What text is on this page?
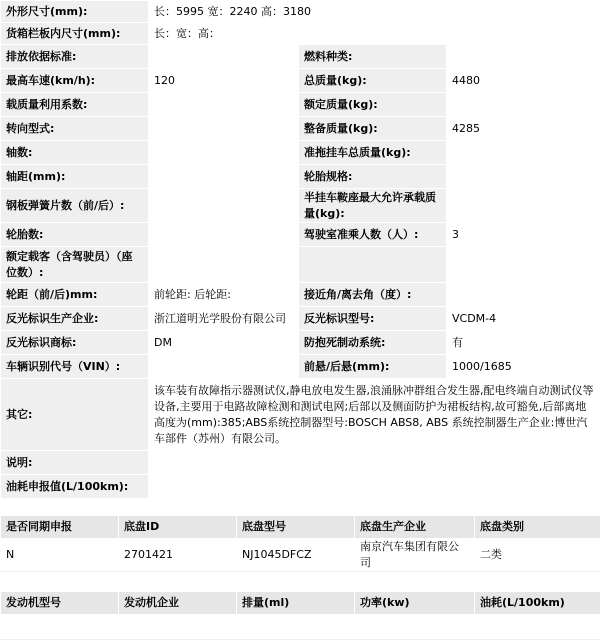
外形尺寸(mm):	长：5995 宽：2240 高：3180		
货箱栏板内尺寸(mm):	长：宽：高：		
排放依据标准:		燃料种类:	
最高车速(km/h):	120	总质量(kg):	4480
载质量利用系数:		额定质量(kg):	
转向型式:		整备质量(kg):	4285
轴数:		准拖挂车总质量(kg):	
轴距(mm):		轮胎规格:	
钢板弹簧片数（前/后）:		半挂车鞍座最大允许承载质量(kg):	
轮胎数:		驾驶室准乘人数（人）:	3
额定载客（含驾驶员）（座位数）:			
轮距（前/后)mm:	前轮距: 后轮距:	接近角/离去角（度）:	
反光标识生产企业:	浙江道明光学股份有限公司	反光标识型号:	VCDM-4
反光标识商标:	DM	防抱死制动系统:	有
车辆识别代号（VIN）:		前悬/后悬(mm):	1000/1685
其它:	该车装有故障指示器测试仪,静电放电发生器,浪涌脉冲群组合发生器,配电终端自动测试仪等设备,主要用于电路故障检测和测试电网;后部以及侧面防护为裙板结构,故可豁免,后部离地高度为(mm):385;ABS系统控制器型号:BOSCH ABS8, ABS 系统控制器生产企业:博世汽车部件（苏州）有限公司。		
说明:			
油耗申报值(L/100km):			
是否同期申报	底盘ID	底盘型号	底盘生产企业	底盘类别
N	2701421	NJ1045DFCZ	南京汽车集团有限公司	二类
发动机型号	发动机企业	排量(ml)	功率(kw)	油耗(L/100km)
